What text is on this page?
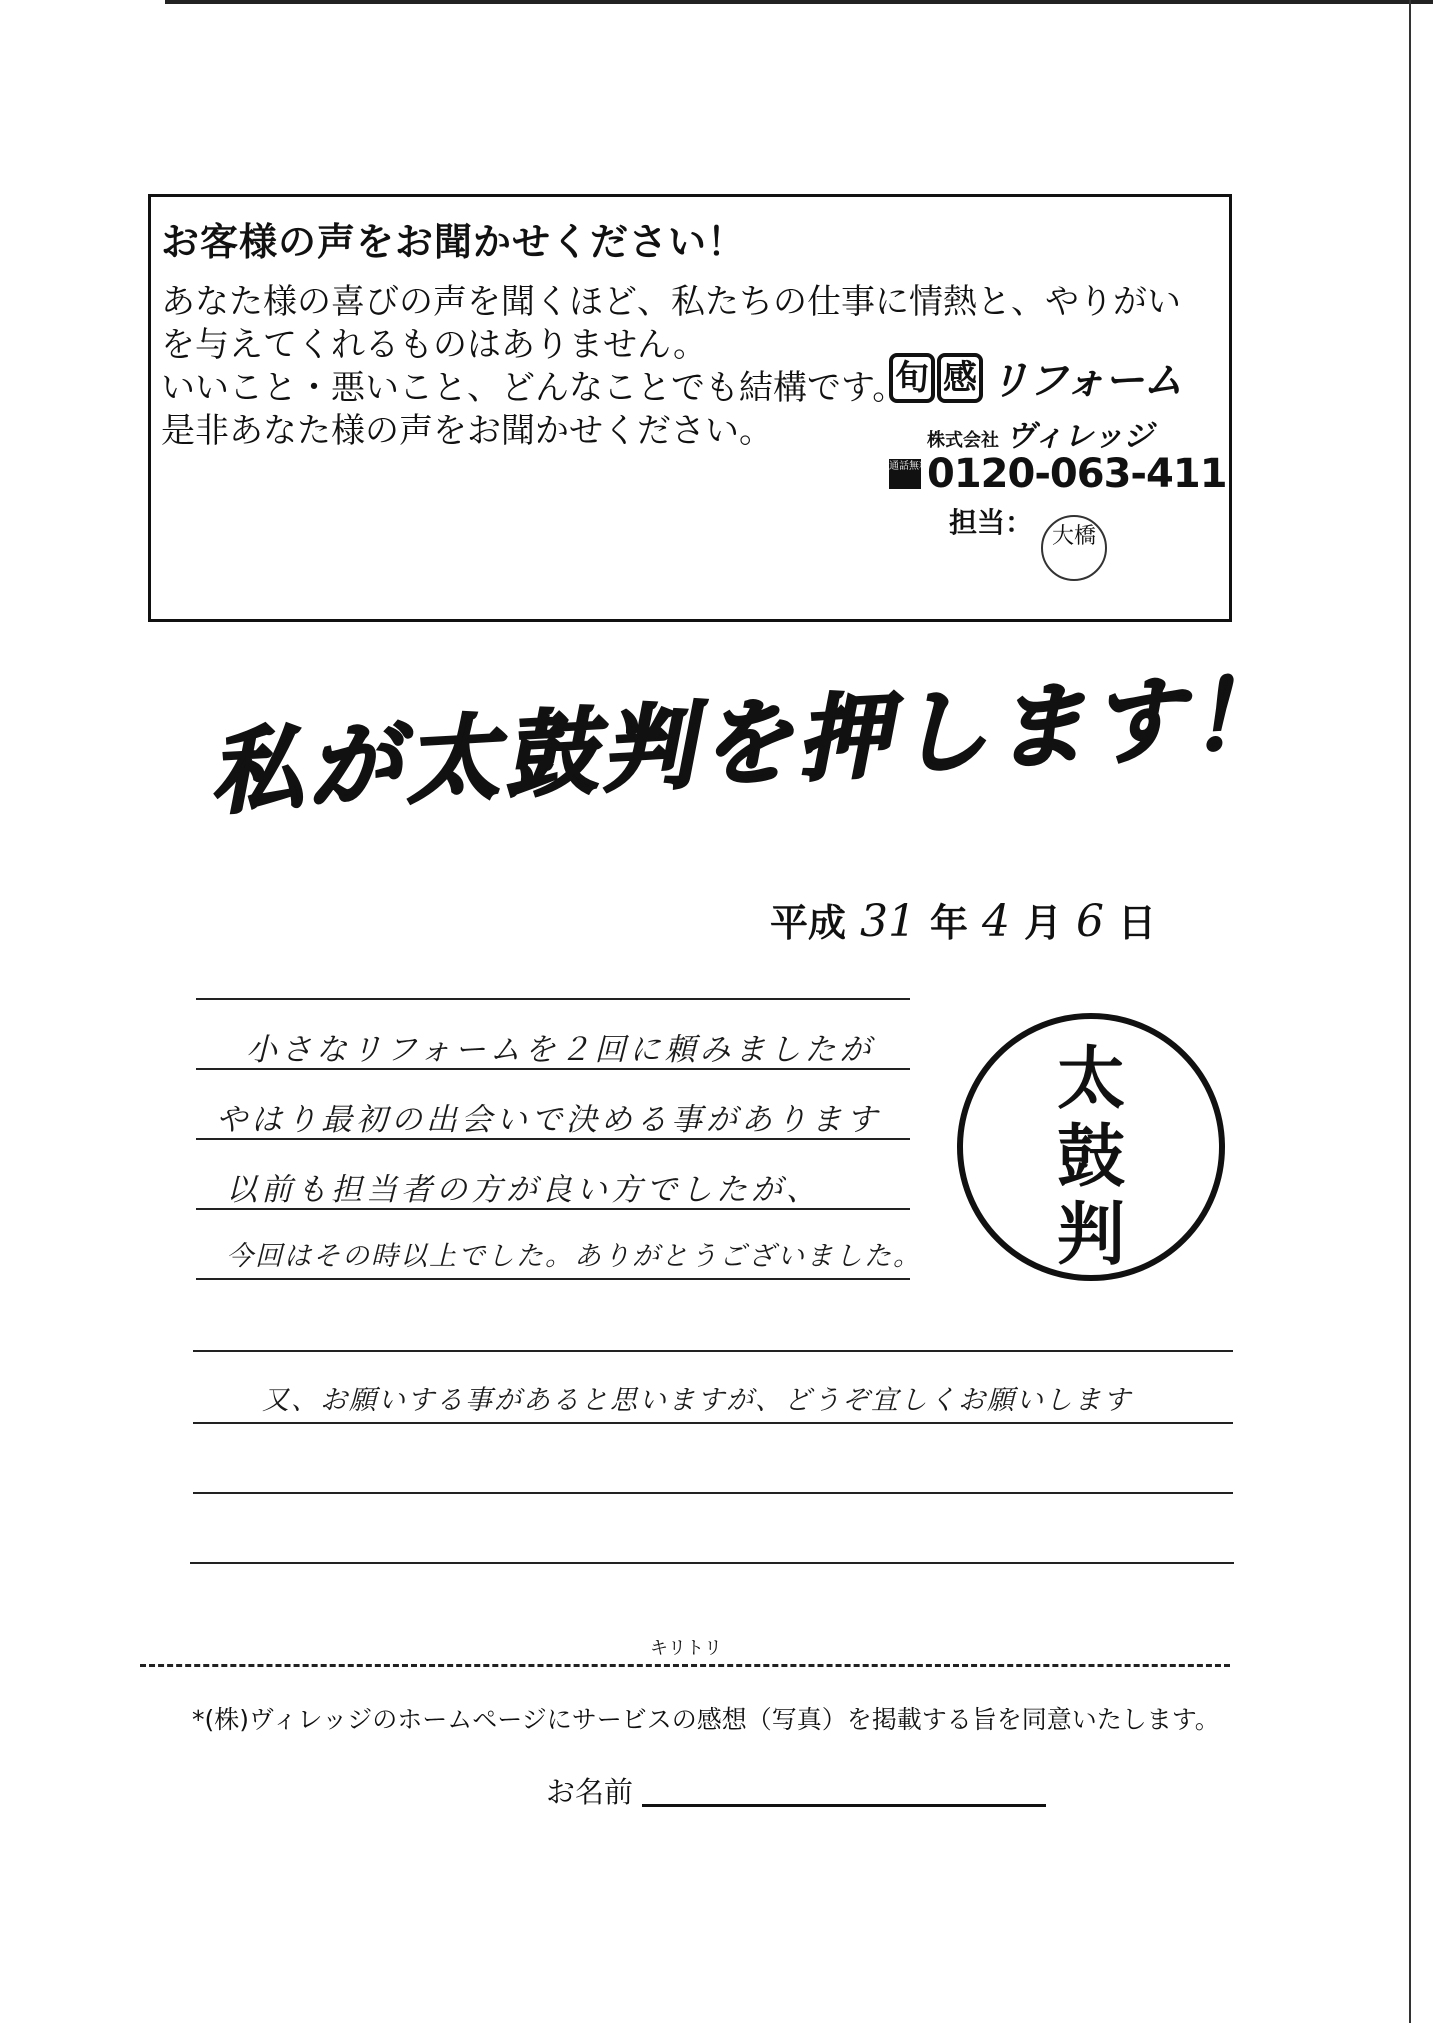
お客様の声をお聞かせください！
あなた様の喜びの声を聞くほど、私たちの仕事に情熱と、やりがい
を与えてくれるものはありません。
いいこと・悪いこと、どんなことでも結構です。
是非あなた様の声をお聞かせください。
旬 感 リフォーム
株式会社 ヴィレッジ
通話無料
0120-063-411
担当： 大橋
私が太鼓判を押します！
平成 31 年 4 月 6 日
小さなリフォームを２回に頼みましたが
やはり最初の出会いで決める事があります
以前も担当者の方が良い方でしたが、
今回はその時以上でした。ありがとうございました。
又、お願いする事があると思いますが、どうぞ宜しくお願いします
太
鼓
判
キリトリ
*(株)ヴィレッジのホームページにサービスの感想（写真）を掲載する旨を同意いたします。
お名前
